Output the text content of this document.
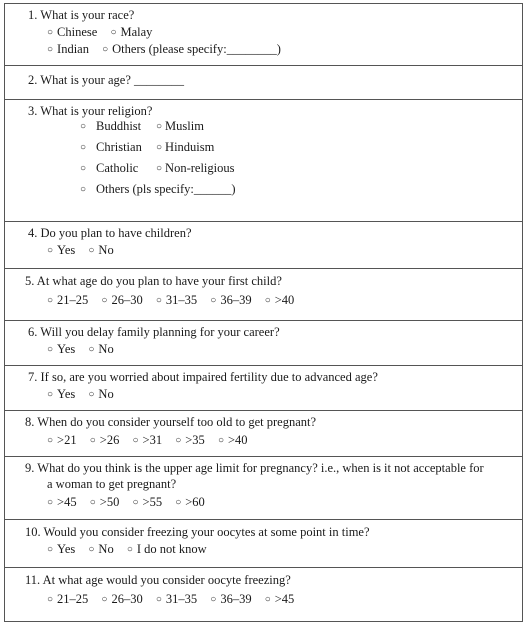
1. What is your race?
○ Chinese ○ Malay
○ Indian ○ Others (please specify:________)
2. What is your age? ________
3. What is your religion?
○ Buddhist ○ Muslim
○ Christian ○ Hinduism
○ Catholic ○ Non-religious
○ Others (pls specify:______)
4. Do you plan to have children?
○ Yes ○ No
5. At what age do you plan to have your first child?
○ 21–25 ○ 26–30 ○ 31–35 ○ 36–39 ○ >40
6. Will you delay family planning for your career?
○ Yes ○ No
7. If so, are you worried about impaired fertility due to advanced age?
○ Yes ○ No
8. When do you consider yourself too old to get pregnant?
○ >21 ○ >26 ○ >31 ○ >35 ○ >40
9. What do you think is the upper age limit for pregnancy? i.e., when is it not acceptable for
a woman to get pregnant?
○ >45 ○ >50 ○ >55 ○ >60
10. Would you consider freezing your oocytes at some point in time?
○ Yes ○ No ○ I do not know
11. At what age would you consider oocyte freezing?
○ 21–25 ○ 26–30 ○ 31–35 ○ 36–39 ○ >45
